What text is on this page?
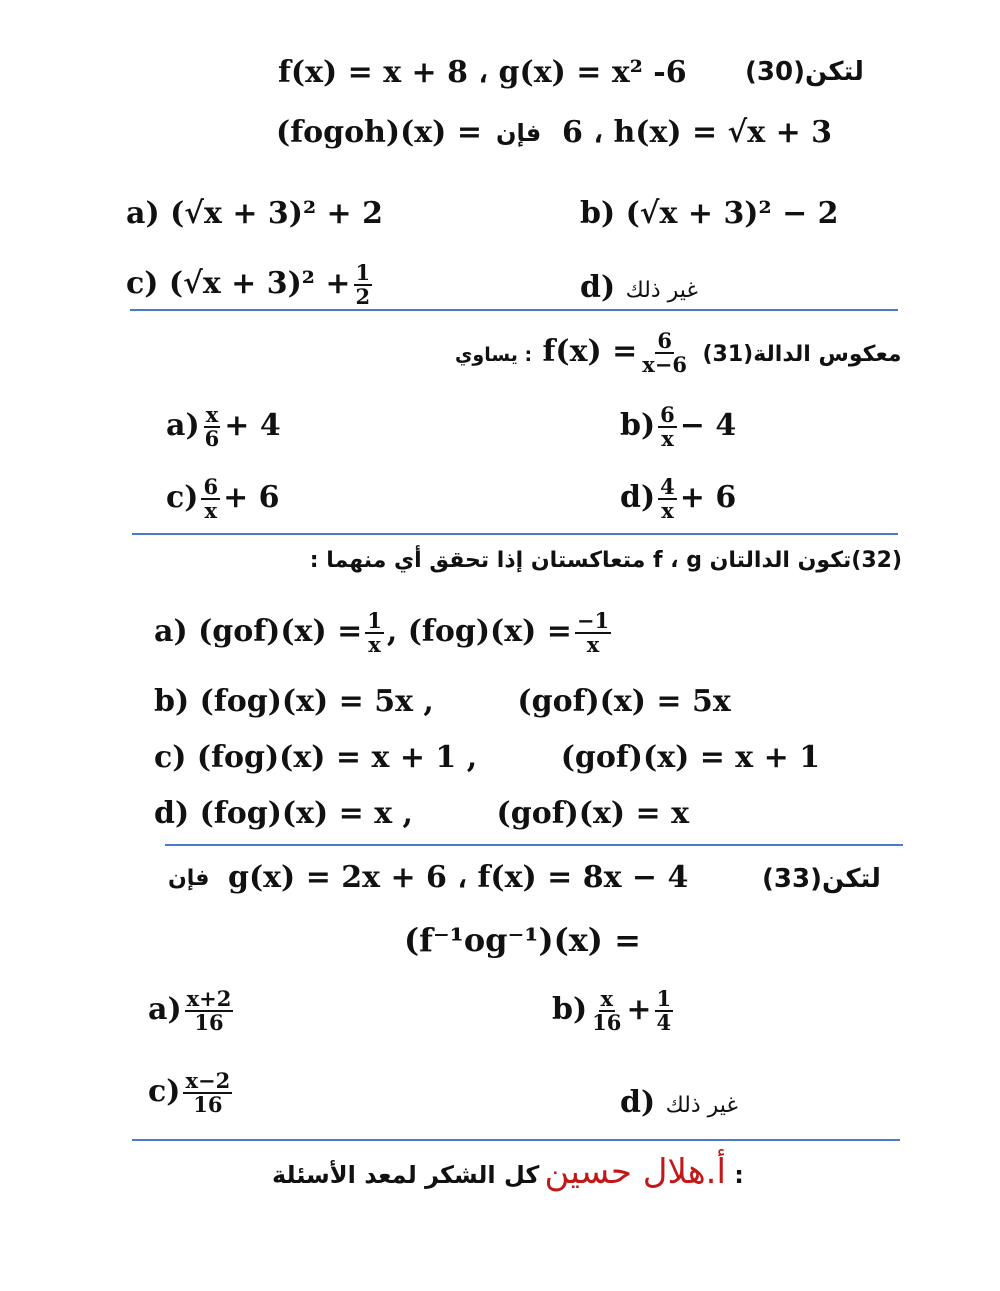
f(x) = x + 8 ، g(x) = x² -6 (30)لتكن
(fogoh)(x) = فإن 6 ، h(x) = √x + 3
a) (√x + 3)² + 2	b) (√x + 3)² − 2
c) $(√x + 3)^2 + \frac{1}{2}$	d) غير ذلك
يساوي : $f(x) = \frac{6}{x-6}$ (31)معكوس الدالة
$a) \frac{x}{6} + 4$	$b) \frac{6}{x} - 4$
$c) \frac{6}{x} + 6$	$d) \frac{4}{x} + 6$
(32)تكون الدالتان f ، g متعاكستان إذا تحقق أي منهما :
a) $(gof)(x) = \frac{1}{x}$ , $(fog)(x) = \frac{-1}{x}$
b) (fog)(x) = 5x ,        (gof)(x) = 5x
c) (fog)(x) = x + 1 ,        (gof)(x) = x + 1
d) (fog)(x) = x ,        (gof)(x) = x
فإن g(x) = 2x + 6 ، f(x) = 8x − 4	(33)لتكن
(f⁻¹og⁻¹)(x) =
$a) \frac{x+2}{16}$	$b) \frac{x}{16} + \frac{1}{4}$
$c) \frac{x-2}{16}$	d) غير ذلك
أ.هلال حسين كل الشكر لمعد الأسئلة :
